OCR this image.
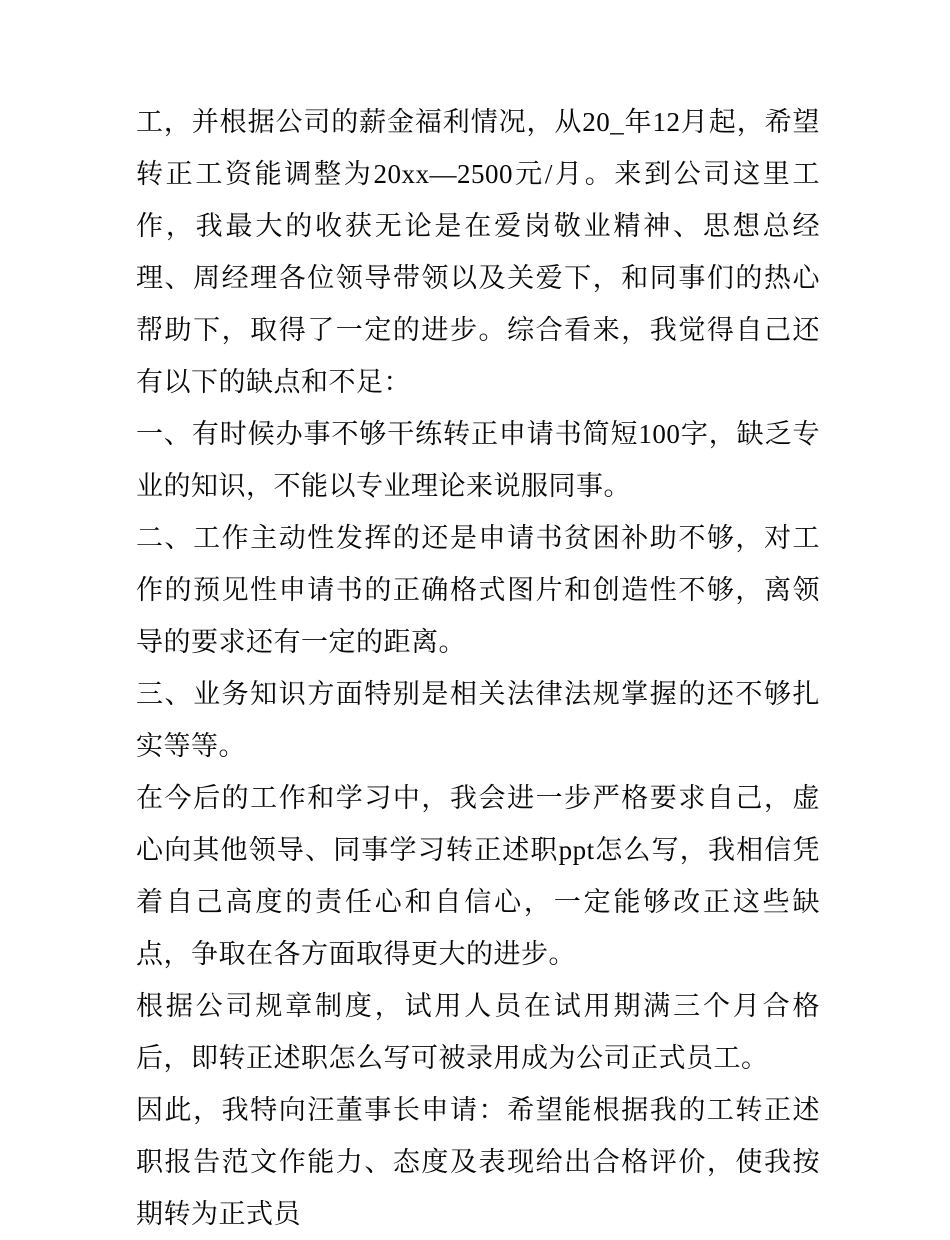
工，并根据公司的薪金福利情况，从20_年12月起，希望转正工资能调整为20xx—2500元/月。来到公司这里工作，我最大的收获无论是在爱岗敬业精神、思想总经理、周经理各位领导带领以及关爱下，和同事们的热心帮助下，取得了一定的进步。综合看来，我觉得自己还有以下的缺点和不足：

一、有时候办事不够干练转正申请书简短100字，缺乏专业的知识，不能以专业理论来说服同事。

二、工作主动性发挥的还是申请书贫困补助不够，对工作的预见性申请书的正确格式图片和创造性不够，离领导的要求还有一定的距离。

三、业务知识方面特别是相关法律法规掌握的还不够扎实等等。

在今后的工作和学习中，我会进一步严格要求自己，虚心向其他领导、同事学习转正述职ppt怎么写，我相信凭着自己高度的责任心和自信心，一定能够改正这些缺点，争取在各方面取得更大的进步。

根据公司规章制度，试用人员在试用期满三个月合格后，即转正述职怎么写可被录用成为公司正式员工。

因此，我特向汪董事长申请：希望能根据我的工转正述职报告范文作能力、态度及表现给出合格评价，使我按期转为正式员
